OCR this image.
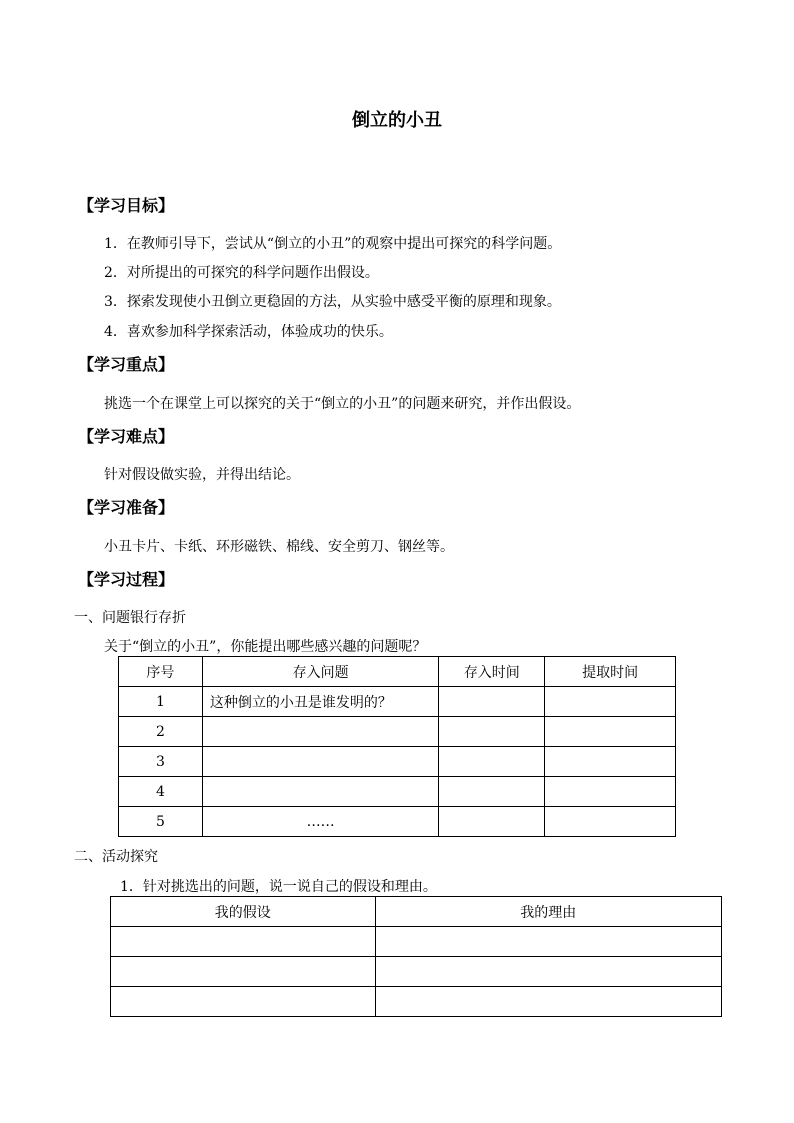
倒立的小丑
【学习目标】
1．在教师引导下，尝试从“倒立的小丑”的观察中提出可探究的科学问题。
2．对所提出的可探究的科学问题作出假设。
3．探索发现使小丑倒立更稳固的方法，从实验中感受平衡的原理和现象。
4．喜欢参加科学探索活动，体验成功的快乐。
【学习重点】
挑选一个在课堂上可以探究的关于“倒立的小丑”的问题来研究，并作出假设。
【学习难点】
针对假设做实验，并得出结论。
【学习准备】
小丑卡片、卡纸、环形磁铁、棉线、安全剪刀、钢丝等。
【学习过程】
一、问题银行存折
关于“倒立的小丑”，你能提出哪些感兴趣的问题呢？
序号	存入问题	存入时间	提取时间
1	这种倒立的小丑是谁发明的？		
2			
3			
4			
5	……		
二、活动探究
1．针对挑选出的问题，说一说自己的假设和理由。
我的假设	我的理由
